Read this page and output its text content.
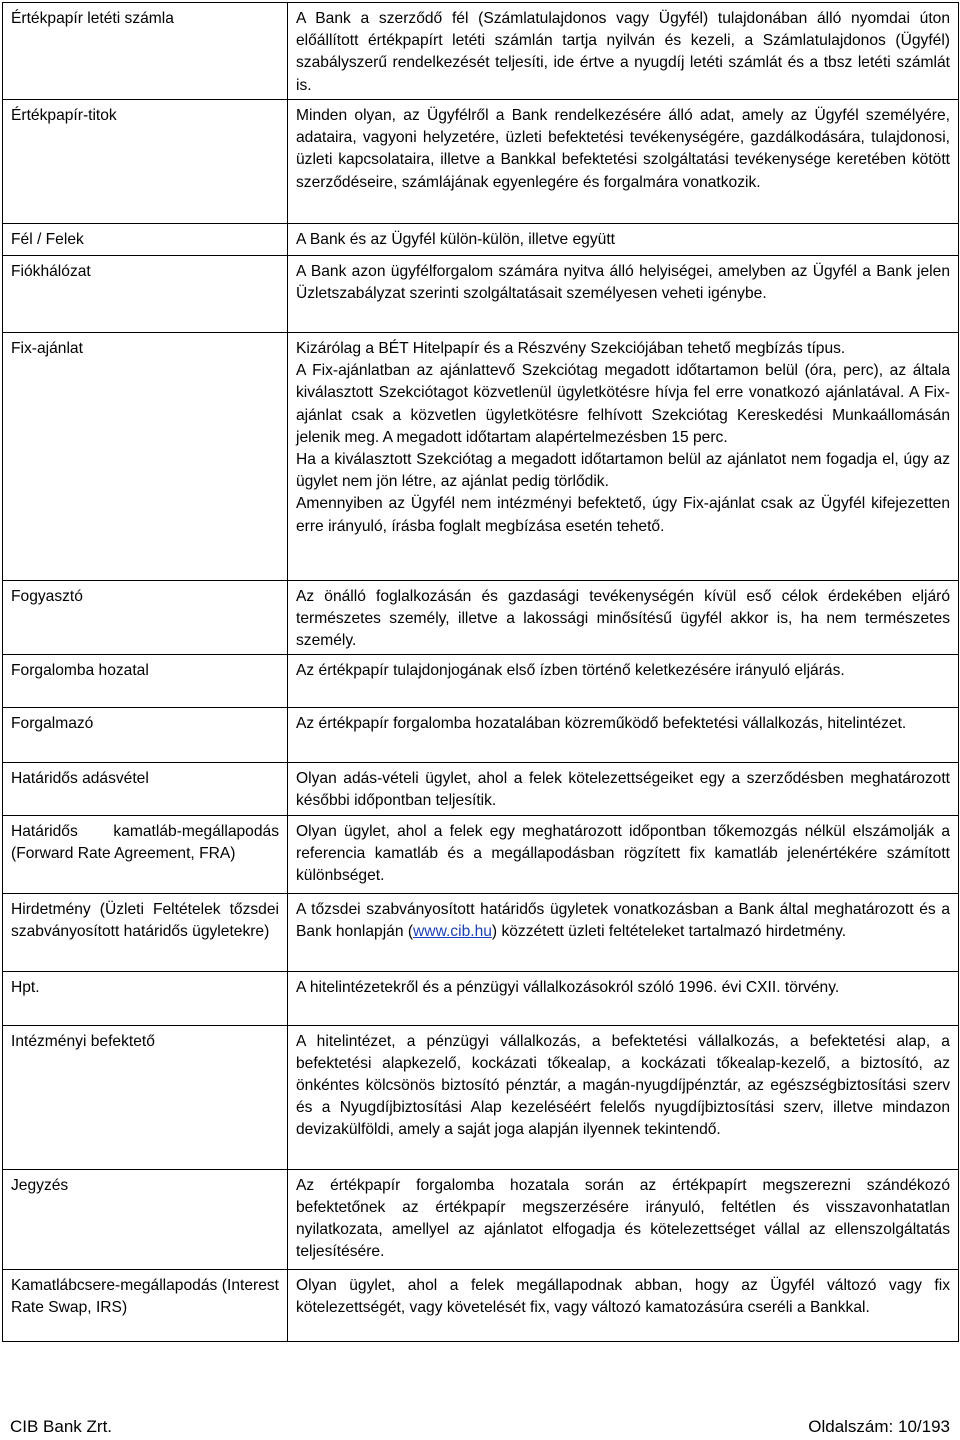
Értékpapír letéti számla	A Bank a szerződő fél (Számlatulajdonos vagy Ügyfél) tulajdonában álló nyomdai úton előállított értékpapírt letéti számlán tartja nyilván és kezeli, a Számlatulajdonos (Ügyfél) szabályszerű rendelkezését teljesíti, ide értve a nyugdíj letéti számlát és a tbsz letéti számlát is.

Értékpapír-titok	Minden olyan, az Ügyfélről a Bank rendelkezésére álló adat, amely az Ügyfél személyére, adataira, vagyoni helyzetére, üzleti befektetési tevékenységére, gazdálkodására, tulajdonosi, üzleti kapcsolataira, illetve a Bankkal befektetési szolgáltatási tevékenysége keretében kötött szerződéseire, számlájának egyenlegére és forgalmára vonatkozik.

Fél / Felek	A Bank és az Ügyfél külön-külön, illetve együtt

Fiókhálózat	A Bank azon ügyfélforgalom számára nyitva álló helyiségei, amelyben az Ügyfél a Bank jelen Üzletszabályzat szerinti szolgáltatásait személyesen veheti igénybe.

Fix-ajánlat	Kizárólag a BÉT Hitelpapír és a Részvény Szekciójában tehető megbízás típus.

A Fix-ajánlatban az ajánlattevő Szekciótag megadott időtartamon belül (óra, perc), az általa kiválasztott Szekciótagot közvetlenül ügyletkötésre hívja fel erre vonatkozó ajánlatával. A Fix-ajánlat csak a közvetlen ügyletkötésre felhívott Szekciótag Kereskedési Munkaállomásán jelenik meg. A megadott időtartam alapértelmezésben 15 perc.

Ha a kiválasztott Szekciótag a megadott időtartamon belül az ajánlatot nem fogadja el, úgy az ügylet nem jön létre, az ajánlat pedig törlődik.

Amennyiben az Ügyfél nem intézményi befektető, úgy Fix-ajánlat csak az Ügyfél kifejezetten erre irányuló, írásba foglalt megbízása esetén tehető.

Fogyasztó	Az önálló foglalkozásán és gazdasági tevékenységén kívül eső célok érdekében eljáró természetes személy, illetve a lakossági minősítésű ügyfél akkor is, ha nem természetes személy.

Forgalomba hozatal	Az értékpapír tulajdonjogának első ízben történő keletkezésére irányuló eljárás.

Forgalmazó	Az értékpapír forgalomba hozatalában közreműködő befektetési vállalkozás, hitelintézet.

Határidős adásvétel	Olyan adás-vételi ügylet, ahol a felek kötelezettségeiket egy a szerződésben meghatározott későbbi időpontban teljesítik.

Határidős kamatláb-megállapodás (Forward Rate Agreement, FRA)	Olyan ügylet, ahol a felek egy meghatározott időpontban tőkemozgás nélkül elszámolják a referencia kamatláb és a megállapodásban rögzített fix kamatláb jelenértékére számított különbséget.

Hirdetmény (Üzleti Feltételek tőzsdei szabványosított határidős ügyletekre)	A tőzsdei szabványosított határidős ügyletek vonatkozásban a Bank által meghatározott és a Bank honlapján (www.cib.hu) közzétett üzleti feltételeket tartalmazó hirdetmény.

Hpt.	A hitelintézetekről és a pénzügyi vállalkozásokról szóló 1996. évi CXII. törvény.

Intézményi befektető	A hitelintézet, a pénzügyi vállalkozás, a befektetési vállalkozás, a befektetési alap, a befektetési alapkezelő, kockázati tőkealap, a kockázati tőkealap-kezelő, a biztosító, az önkéntes kölcsönös biztosító pénztár, a magán-nyugdíjpénztár, az egészségbiztosítási szerv és a Nyugdíjbiztosítási Alap kezeléséért felelős nyugdíjbiztosítási szerv, illetve mindazon devizakülföldi, amely a saját joga alapján ilyennek tekintendő.

Jegyzés	Az értékpapír forgalomba hozatala során az értékpapírt megszerezni szándékozó befektetőnek az értékpapír megszerzésére irányuló, feltétlen és visszavonhatatlan nyilatkozata, amellyel az ajánlatot elfogadja és kötelezettséget vállal az ellenszolgáltatás teljesítésére.

Kamatlábcsere-megállapodás (Interest Rate Swap, IRS)	Olyan ügylet, ahol a felek megállapodnak abban, hogy az Ügyfél változó vagy fix kötelezettségét, vagy követelését fix, vagy változó kamatozásúra cseréli a Bankkal.

CIB Bank Zrt.	Oldalszám: 10/193
